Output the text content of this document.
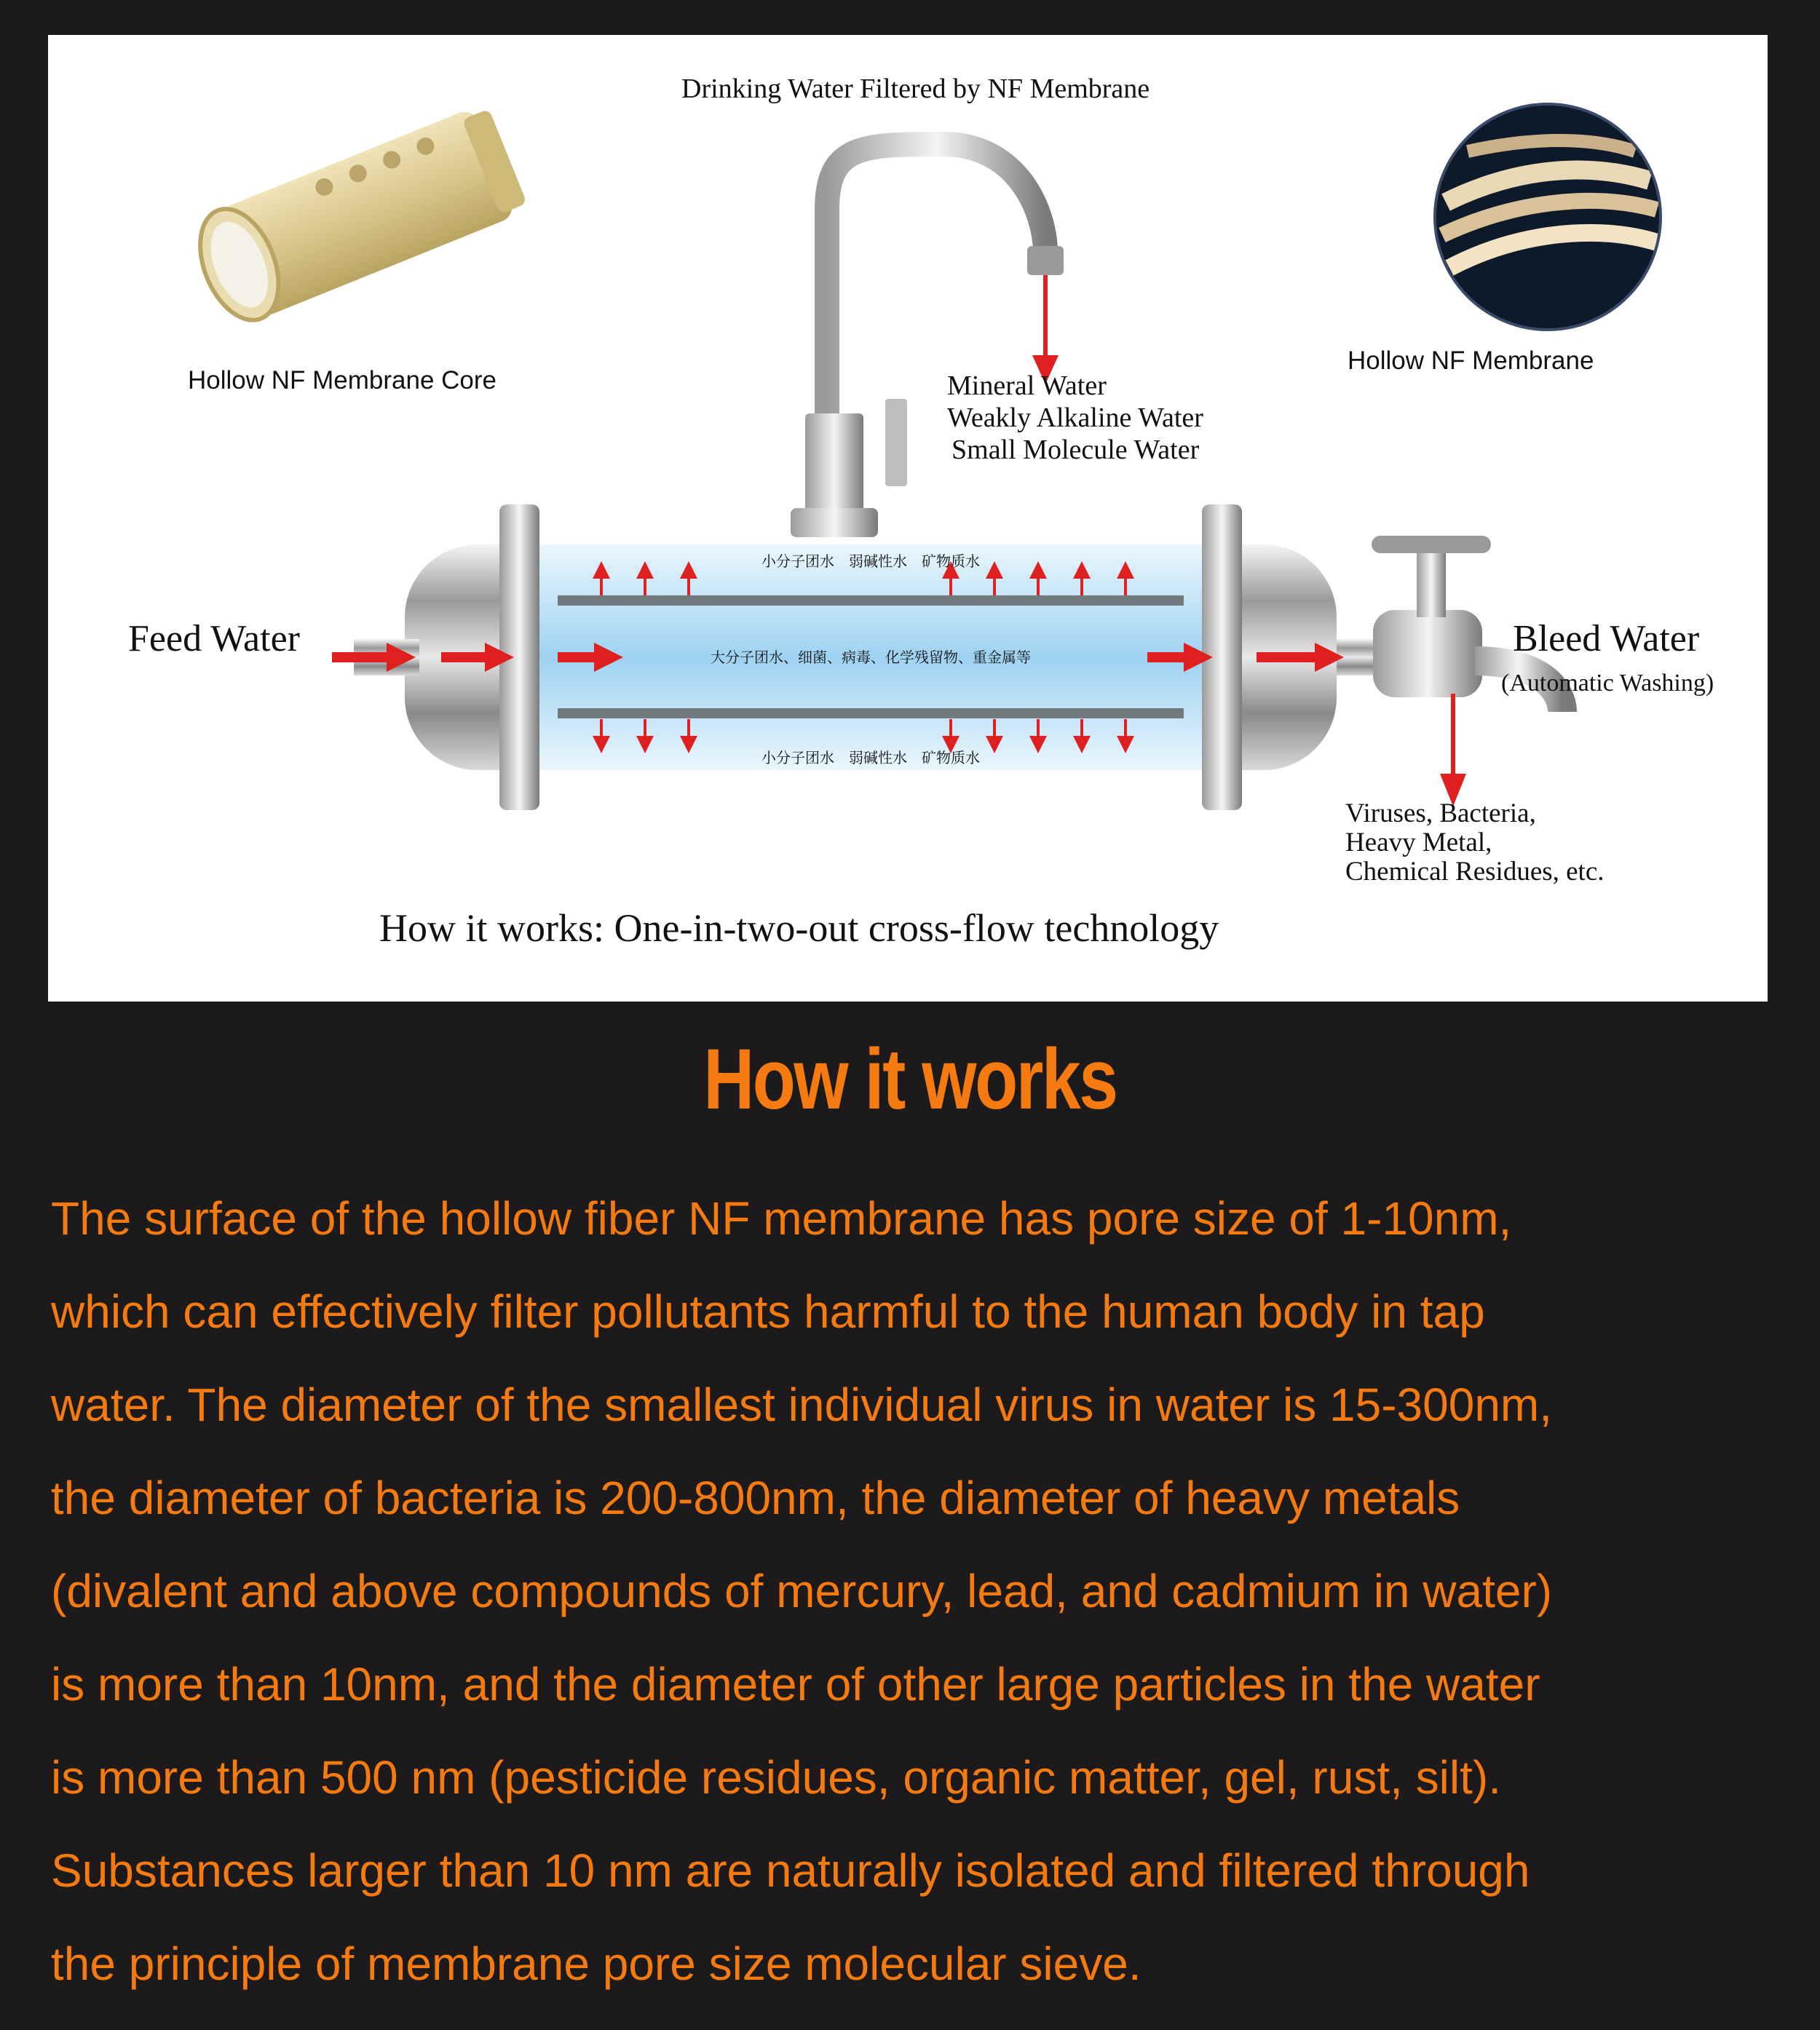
小分子团水　弱碱性水　矿物质水
大分子团水、细菌、病毒、化学残留物、重金属等
小分子团水　弱碱性水　矿物质水
Drinking Water Filtered by NF Membrane
Hollow NF Membrane Core
Hollow NF Membrane
Mineral Water
Weakly Alkaline Water
Small Molecule Water
Feed Water	Bleed Water
(Automatic Washing)
Viruses, Bacteria,
Heavy Metal,
Chemical Residues, etc.
How it works: One-in-two-out cross-flow technology
How it works
The surface of the hollow fiber NF membrane has pore size of 1-10nm,
which can effectively filter pollutants harmful to the human body in tap
water. The diameter of the smallest individual virus in water is 15-300nm,
the diameter of bacteria is 200-800nm, the diameter of heavy metals
(divalent and above compounds of mercury, lead, and cadmium in water)
is more than 10nm, and the diameter of other large particles in the water
is more than 500 nm (pesticide residues, organic matter, gel, rust, silt).
Substances larger than 10 nm are naturally isolated and filtered through
the principle of membrane pore size molecular sieve.
